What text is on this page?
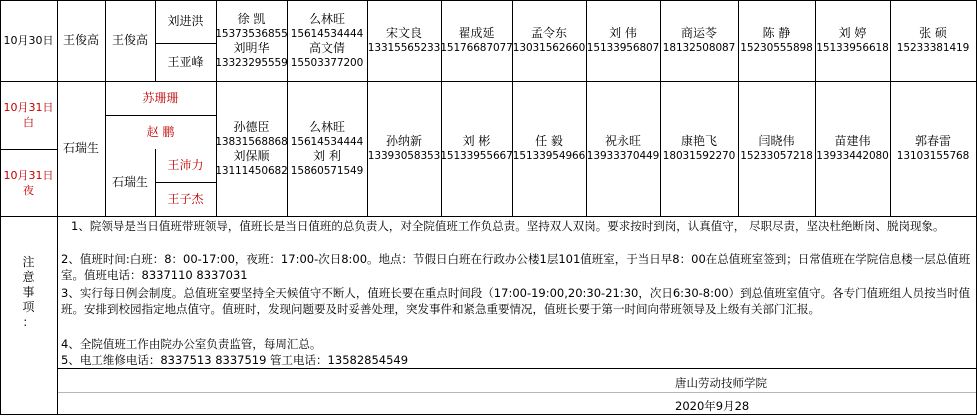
10月30日 王俊高 王俊高
刘进洪
王亚峰
徐 凯
15373536855
刘明华
13323295559
么林旺
15614534444
高文倩
15503377200
宋文良
13315565233
翟成延
15176687077
孟令东
13031562660
刘 伟
15133956807
商运苓
18132508087
陈 静
15230555898
刘 婷
15133956618
张 硕
15233381419
10月31日
白
10月31日
夜
石瑞生
苏珊珊
赵 鹏
石瑞生
王沛力
王子杰
孙德臣
13831568868
刘保顺
13111450682
么林旺
15614534444
刘 利
15860571549
孙纳新
13393058353
刘 彬
15133955667
任 毅
15133954966
祝永旺
13933370449
康艳飞
18031592270
闫晓伟
15233057218
苗建伟
13933442080
郭春雷
13103155768
注
意
事
项
：
1、院领导是当日值班带班领导，值班长是当日值班的总负责人，对全院值班工作负总责。坚持双人双岗。要求按时到岗，认真值守， 尽职尽责，坚决杜绝断岗、脱岗现象。
2、值班时间:白班：8：00-17:00，夜班：17:00-次日8:00。地点：节假日白班在行政办公楼1层101值班室，于当日早8：00在总值班室签到；日常值班在学院信息楼一层总值班室。值班电话：8337110 8337031
3、实行每日例会制度。总值班室要坚持全天候值守不断人，值班长要在重点时间段（17:00-19:00,20:30-21:30，次日6:30-8:00）到总值班室值守。各专门值班组人员按当时值班。安排到校园指定地点值守。值班时，发现问题要及时妥善处理，突发事件和紧急重要情况，值班长要于第一时间向带班领导及上级有关部门汇报。
4、全院值班工作由院办公室负责监管，每周汇总。
5、电工维修电话：8337513 8337519 管工电话：13582854549
唐山劳动技师学院
2020年9月28
